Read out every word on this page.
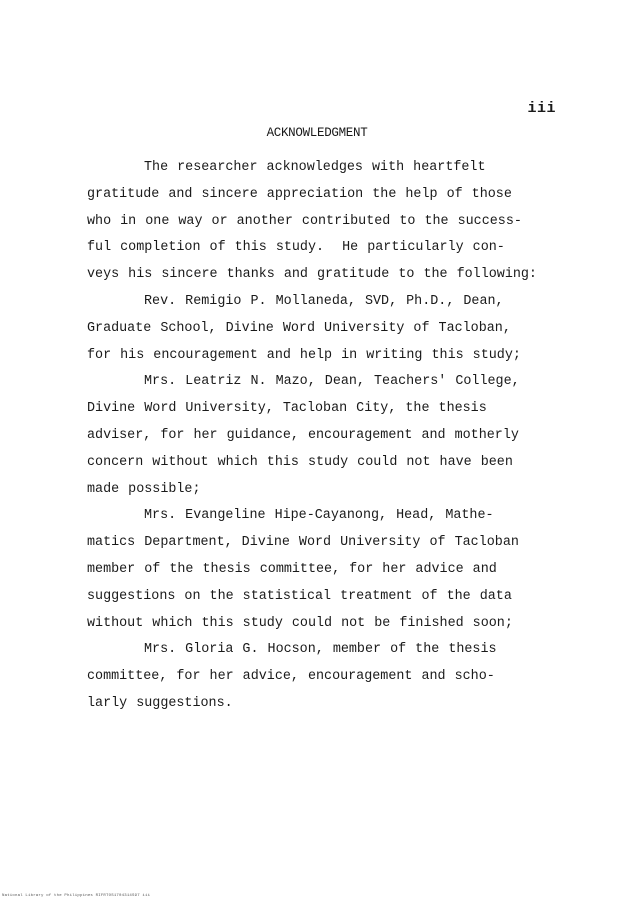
iii
ACKNOWLEDGMENT

The researcher acknowledges with heartfelt
gratitude and sincere appreciation the help of those
who in one way or another contributed to the success-
ful completion of this study.  He particularly con-
veys his sincere thanks and gratitude to the following:

Rev. Remigio P. Mollaneda, SVD, Ph.D., Dean,
Graduate School, Divine Word University of Tacloban,
for his encouragement and help in writing this study;

Mrs. Leatriz N. Mazo, Dean, Teachers' College,
Divine Word University, Tacloban City, the thesis
adviser, for her guidance, encouragement and motherly
concern without which this study could not have been
made possible;

Mrs. Evangeline Hipe-Cayanong, Head, Mathe-
matics Department, Divine Word University of Tacloban
member of the thesis committee, for her advice and
suggestions on the statistical treatment of the data
without which this study could not be finished soon;

Mrs. Gloria G. Hocson, member of the thesis
committee, for her advice, encouragement and scho-
larly suggestions.

National Library of the Philippines RIFRTOS1704314S97 iii
